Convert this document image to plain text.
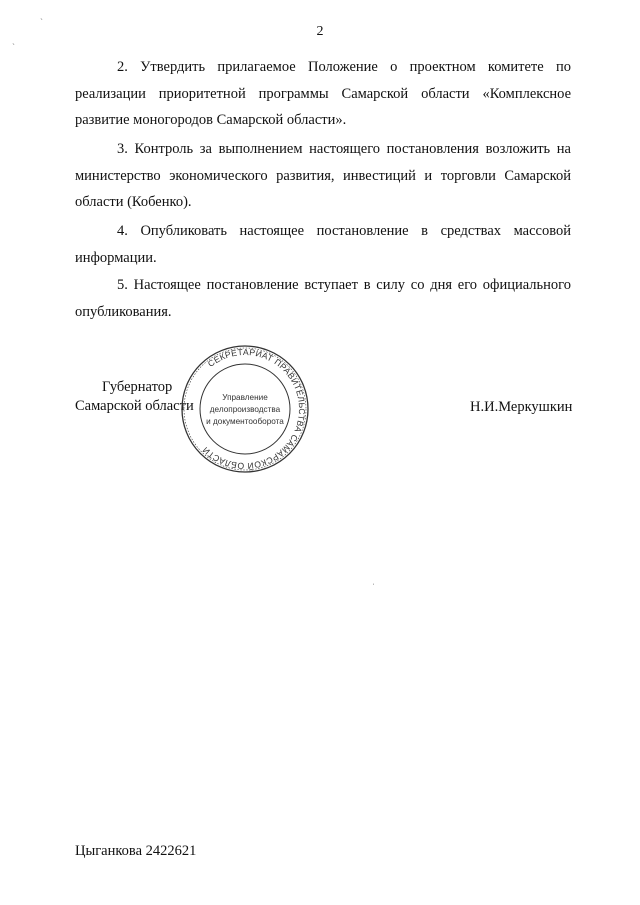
2

2. Утвердить прилагаемое Положение о проектном комитете по реализации приоритетной программы Самарской области «Комплексное развитие моногородов Самарской области».

3. Контроль за выполнением настоящего постановления возложить на министерство экономического развития, инвестиций и торговли Самарской области (Кобенко).

4. Опубликовать настоящее постановление в средствах массовой информации.

5. Настоящее постановление вступает в силу со дня его официального опубликования.

Губернатор
Самарской области
СЕКРЕТАРИАТ ПРАВИТЕЛЬСТВА САМАРСКОЙ ОБЛАСТИ
Управление
делопроизводства
и документооборота
Н.И.Меркушкин
Цыганкова 2422621
ˎ
ˎ
ˌ
